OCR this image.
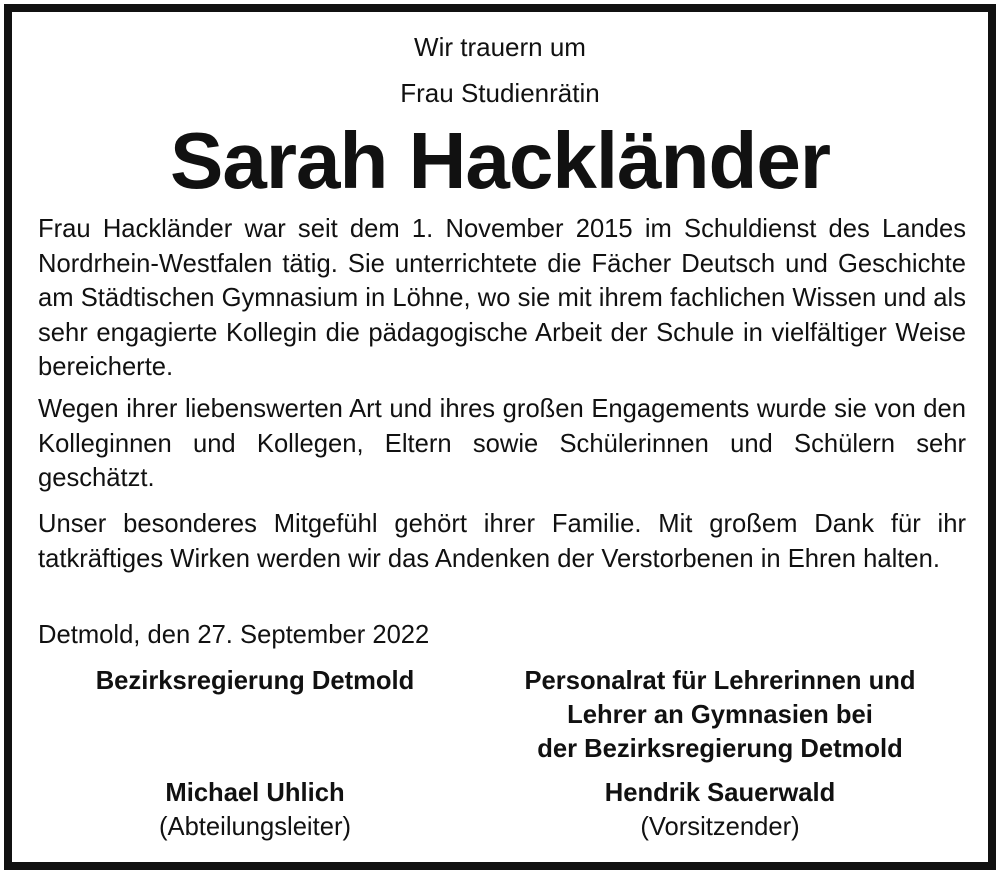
Wir trauern um
Frau Studienrätin
Sarah Hackländer

Frau Hackländer war seit dem 1. November 2015 im Schuldienst des Landes Nordrhein-Westfalen tätig. Sie unterrichtete die Fächer Deutsch und Geschichte am Städtischen Gymnasium in Löhne, wo sie mit ihrem fachlichen Wissen und als sehr engagierte Kollegin die pädagogische Arbeit der Schule in vielfältiger Weise bereicherte.

Wegen ihrer liebenswerten Art und ihres großen Engagements wurde sie von den Kolleginnen und Kollegen, Eltern sowie Schülerinnen und Schülern sehr geschätzt.

Unser besonderes Mitgefühl gehört ihrer Familie. Mit großem Dank für ihr tatkräftiges Wirken werden wir das Andenken der Verstorbenen in Ehren halten.

Detmold, den 27. September 2022
Bezirksregierung Detmold	Personalrat für Lehrerinnen und
Lehrer an Gymnasien bei
der Bezirksregierung Detmold
Michael Uhlich
(Abteilungsleiter)
Hendrik Sauerwald
(Vorsitzender)
